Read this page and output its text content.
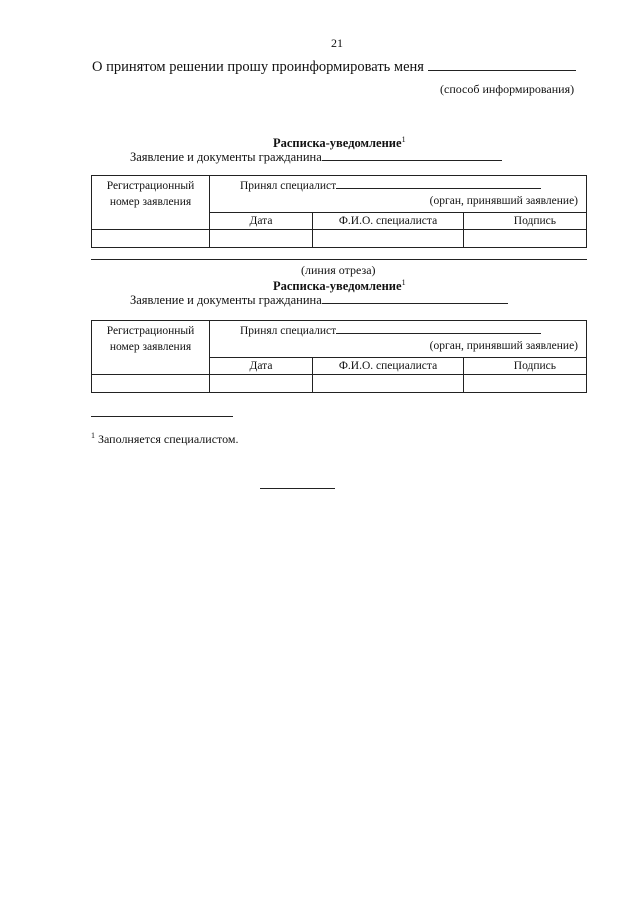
21
О принятом решении прошу проинформировать меня
(способ информирования)
Расписка-уведомление$^1$
Заявление и документы гражданина
Регистрационный номер заявления	Принял специалист
(орган, принявший заявление)		

	Дата	Ф.И.О. специалиста	Подпись

(линия отреза)
Расписка-уведомление$^1$
Заявление и документы гражданина
Регистрационный номер заявления	Принял специалист
(орган, принявший заявление)		

	Дата	Ф.И.О. специалиста	Подпись

$^1$ Заполняется специалистом.
